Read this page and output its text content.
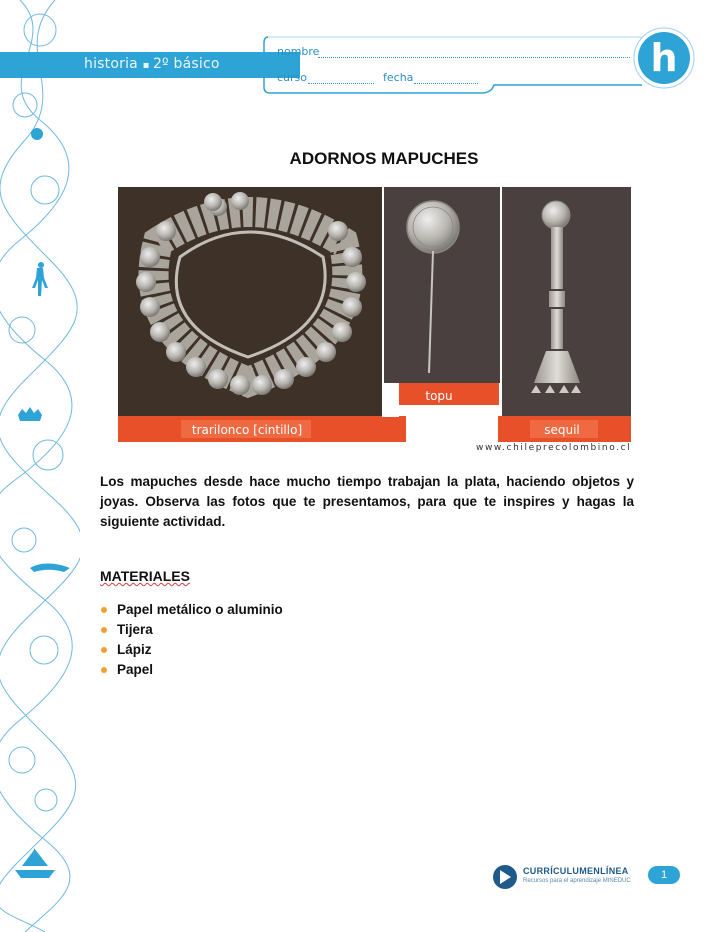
historia ▪ 2º básico
nombre
curso	fecha	h
ADORNOS MAPUCHES
trarilonco [cintillo]
topu
sequil
www.chileprecolombino.cl

Los mapuches desde hace mucho tiempo trabajan la plata, haciendo objetos y joyas. Observa las fotos que te presentamos, para que te inspires y hagas la siguiente actividad.

MATERIALES
Papel metálico o aluminio
Tijera
Lápiz
Papel
CURRÍCULUMENLÍNEA
Recursos para el aprendizaje MINEDUC	1
